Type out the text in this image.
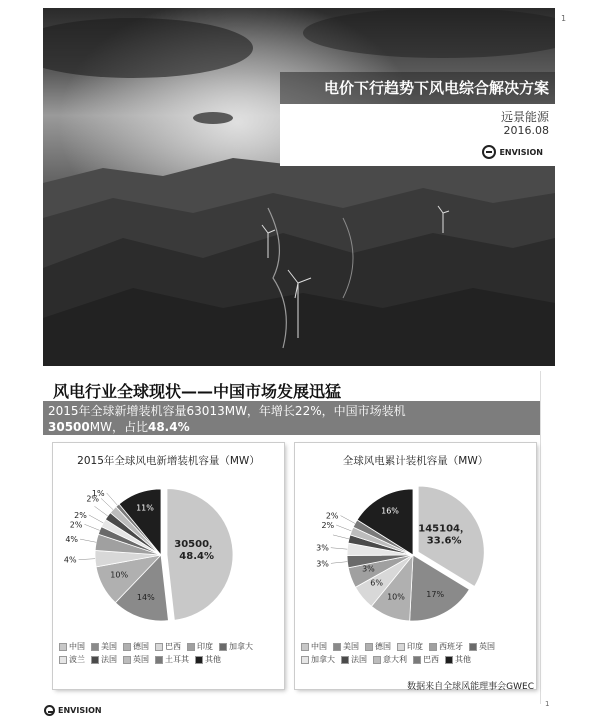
电价下行趋势下风电综合解决方案
远景能源
2016.08
ENVISION
1
风电行业全球现状——中国市场发展迅猛
2015年全球新增装机容量63013MW，年增长22%，中国市场装机
30500MW，占比48.4%
2015年全球风电新增装机容量（MW）
30500， 48.4%
14%
10%
4%
4%
2%
2%
2%
2%
1%
11%
中国 美国 德国 巴西 印度 加拿大波兰 法国 英国 土耳其 其他
全球风电累计装机容量（MW）
145104， 33.6%
17%
10%
6%
3%
3%
3%
2%
2%
2%
16%
中国 美国 德国 印度 西班牙 英国加拿大 法国 意大利 巴西 其他
数据来自全球风能理事会GWEC
ENVISION
1
